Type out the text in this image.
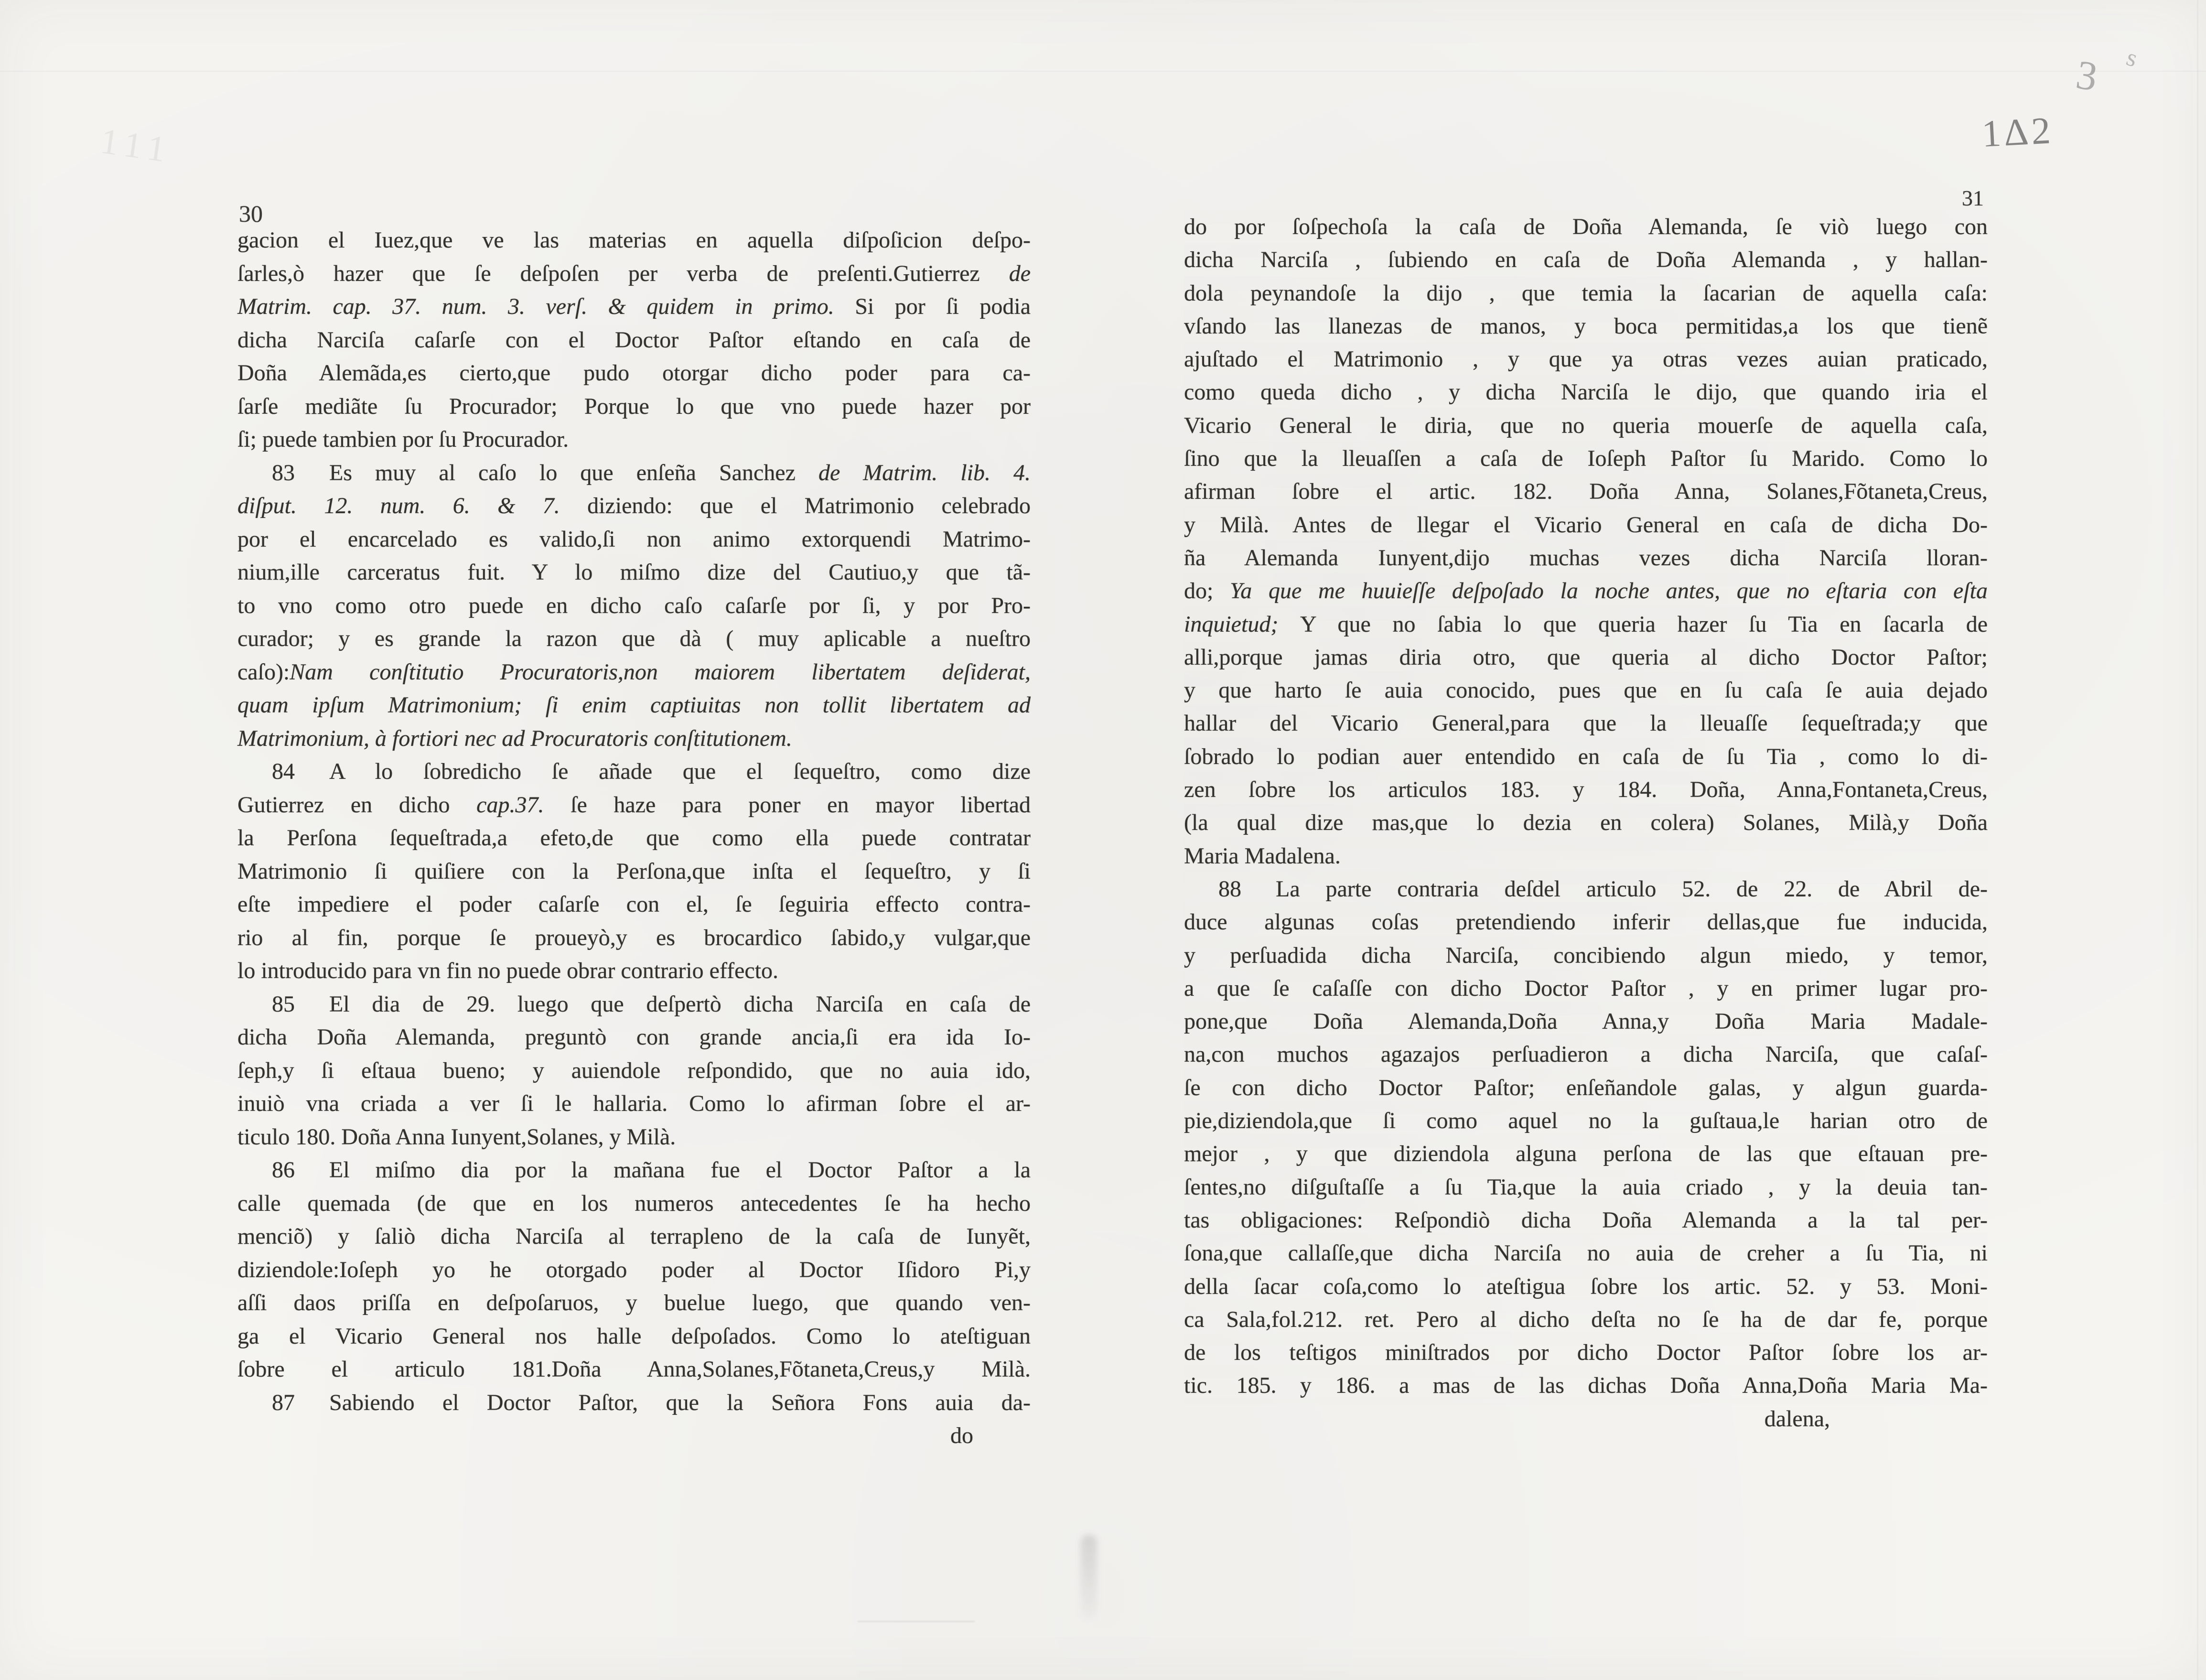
30
31
gacion el Iuez,que ve las materias en aquella diſpoſicion deſpo-
ſarles,ò hazer que ſe deſpoſen per verba de preſenti.Gutierrez de
Matrim. cap. 37. num. 3. verſ. & quidem in primo. Si por ſi podia
dicha Narciſa caſarſe con el Doctor Paſtor eſtando en caſa de
Doña Alemãda,es cierto,que pudo otorgar dicho poder para ca-
ſarſe mediãte ſu Procurador; Porque lo que vno puede hazer por
ſi; puede tambien por ſu Procurador.
83  Es muy al caſo lo que enſeña Sanchez de Matrim. lib. 4.
diſput. 12. num. 6. & 7. diziendo: que el Matrimonio celebrado
por el encarcelado es valido,ſi non animo extorquendi Matrimo-
nium,ille carceratus fuit. Y lo miſmo dize del Cautiuo,y que tã-
to vno como otro puede en dicho caſo caſarſe por ſi, y por Pro-
curador; y es grande la razon que dà ( muy aplicable a nueſtro
caſo):Nam conſtitutio Procuratoris,non maiorem libertatem deſiderat,
quam ipſum Matrimonium; ſi enim captiuitas non tollit libertatem ad
Matrimonium, à fortiori nec ad Procuratoris conſtitutionem.
84  A lo ſobredicho ſe añade que el ſequeſtro, como dize
Gutierrez en dicho cap.37. ſe haze para poner en mayor libertad
la Perſona ſequeſtrada,a efeto,de que como ella puede contratar
Matrimonio ſi quiſiere con la Perſona,que inſta el ſequeſtro, y ſi
eſte impediere el poder caſarſe con el, ſe ſeguiria effecto contra-
rio al fin, porque ſe proueyò,y es brocardico ſabido,y vulgar,que
lo introducido para vn fin no puede obrar contrario effecto.
85  El dia de 29. luego que deſpertò dicha Narciſa en caſa de
dicha Doña Alemanda, preguntò con grande ancia,ſi era ida Io-
ſeph,y ſi eſtaua bueno; y auiendole reſpondido, que no auia ido,
inuiò vna criada a ver ſi le hallaria. Como lo afirman ſobre el ar-
ticulo 180. Doña Anna Iunyent,Solanes, y Milà.
86  El miſmo dia por la mañana fue el Doctor Paſtor a la
calle quemada (de que en los numeros antecedentes ſe ha hecho
menciõ) y ſaliò dicha Narciſa al terrapleno de la caſa de Iunyẽt,
diziendole:Ioſeph yo he otorgado poder al Doctor Iſidoro Pi,y
aſſi daos priſſa en deſpoſaruos, y buelue luego, que quando ven-
ga el Vicario General nos halle deſpoſados. Como lo ateſtiguan
ſobre el articulo 181.Doña Anna,Solanes,Fõtaneta,Creus,y Milà.
87  Sabiendo el Doctor Paſtor, que la Señora Fons auia da-
do
do por ſoſpechoſa la caſa de Doña Alemanda, ſe viò luego con
dicha Narciſa , ſubiendo en caſa de Doña Alemanda , y hallan-
dola peynandoſe la dijo , que temia la ſacarian de aquella caſa:
vſando las llanezas de manos, y boca permitidas,a los que tienẽ
ajuſtado el Matrimonio , y que ya otras vezes auian praticado,
como queda dicho , y dicha Narciſa le dijo, que quando iria el
Vicario General le diria, que no queria mouerſe de aquella caſa,
ſino que la lleuaſſen a caſa de Ioſeph Paſtor ſu Marido. Como lo
afirman ſobre el artic. 182. Doña Anna, Solanes,Fõtaneta,Creus,
y Milà. Antes de llegar el Vicario General en caſa de dicha Do-
ña Alemanda Iunyent,dijo muchas vezes dicha Narciſa lloran-
do; Ya que me huuieſſe deſpoſado la noche antes, que no eſtaria con eſta
inquietud; Y que no ſabia lo que queria hazer ſu Tia en ſacarla de
alli,porque jamas diria otro, que queria al dicho Doctor Paſtor;
y que harto ſe auia conocido, pues que en ſu caſa ſe auia dejado
hallar del Vicario General,para que la lleuaſſe ſequeſtrada;y que
ſobrado lo podian auer entendido en caſa de ſu Tia , como lo di-
zen ſobre los articulos 183. y 184. Doña, Anna,Fontaneta,Creus,
(la qual dize mas,que lo dezia en colera) Solanes, Milà,y Doña
Maria Madalena.
88  La parte contraria deſdel articulo 52. de 22. de Abril de-
duce algunas coſas pretendiendo inferir dellas,que fue inducida,
y perſuadida dicha Narciſa, concibiendo algun miedo, y temor,
a que ſe caſaſſe con dicho Doctor Paſtor , y en primer lugar pro-
pone,que Doña Alemanda,Doña Anna,y Doña Maria Madale-
na,con muchos agazajos perſuadieron a dicha Narciſa, que caſaſ-
ſe con dicho Doctor Paſtor; enſeñandole galas, y algun guarda-
pie,diziendola,que ſi como aquel no la guſtaua,le harian otro de
mejor , y que diziendola alguna perſona de las que eſtauan pre-
ſentes,no diſguſtaſſe a ſu Tia,que la auia criado , y la deuia tan-
tas obligaciones: Reſpondiò dicha Doña Alemanda a la tal per-
ſona,que callaſſe,que dicha Narciſa no auia de creher a ſu Tia, ni
della ſacar coſa,como lo ateſtigua ſobre los artic. 52. y 53. Moni-
ca Sala,fol.212. ret. Pero al dicho deſta no ſe ha de dar fe, porque
de los teſtigos miniſtrados por dicho Doctor Paſtor ſobre los ar-
tic. 185. y 186. a mas de las dichas Doña Anna,Doña Maria Ma-
dalena,
1Δ2
3 s
111
